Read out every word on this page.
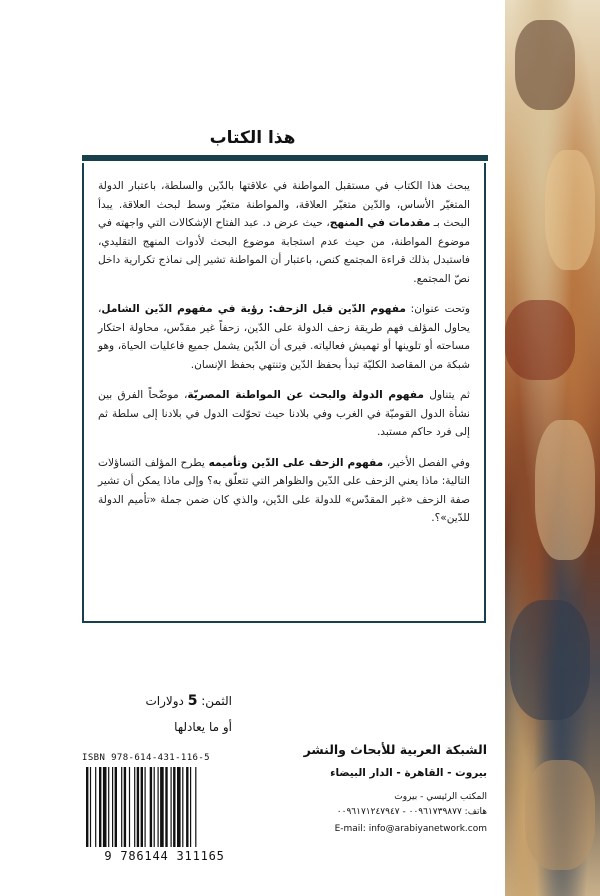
هذا الكتاب

يبحث هذا الكتاب في مستقبل المواطنة في علاقتها بالدّين والسلطة، باعتبار الدولة المتغيّر الأساس، والدّين متغيّر العلاقة، والمواطنة متغيّر وسط لبحث العلاقة. يبدأ البحث بـ مقدمات في المنهج، حيث عرض د. عبد الفتاح الإشكالات التي واجهته في موضوع المواطنة، من حيث عدم استجابة موضوع البحث لأدوات المنهج التقليدي، فاستبدل بذلك قراءة المجتمع كنص، باعتبار أن المواطنة تشير إلى نماذج تكرارية داخل نصّ المجتمع.

وتحت عنوان: مفهوم الدّين قبل الزحف: رؤية في مفهوم الدّين الشامل، يحاول المؤلف فهم طريقة زحف الدولة على الدّين، زحفاً غير مقدّس، محاولة احتكار مساحته أو تلوينها أو تهميش فعالياته. فيرى أن الدّين يشمل جميع فاعليات الحياة، وهو شبكة من المقاصد الكليّة تبدأ بحفظ الدّين وتنتهي بحفظ الإنسان.

ثم يتناول مفهوم الدولة والبحث عن المواطنة المصريّة، موضّحاً الفرق بين نشأة الدول القوميّة في الغرب وفي بلادنا حيث تحوّلت الدول في بلادنا إلى سلطة ثم إلى فرد حاكم مستبد.

وفي الفصل الأخير، مفهوم الزحف على الدّين وتأميمه يطرح المؤلف التساؤلات التالية: ماذا يعني الزحف على الدّين والظواهر التي تتعلّق به؟ وإلى ماذا يمكن أن تشير صفة الزحف «غير المقدّس» للدولة على الدّين، والذي كان ضمن جملة «تأميم الدولة للدّين»؟.

الثمن: 5 دولارات
أو ما يعادلها
ISBN 978-614-431-116-5
9 786144 311165
الشبكة العربية للأبحاث والنشر
بيروت - القاهرة - الدار البيضاء
المكتب الرئيسي - بيروت
هاتف: ٠٠٩٦١٧٣٩٨٧٧ - ٠٠٩٦١٧١٢٤٧٩٤٧
E-mail: info@arabiyanetwork.com
